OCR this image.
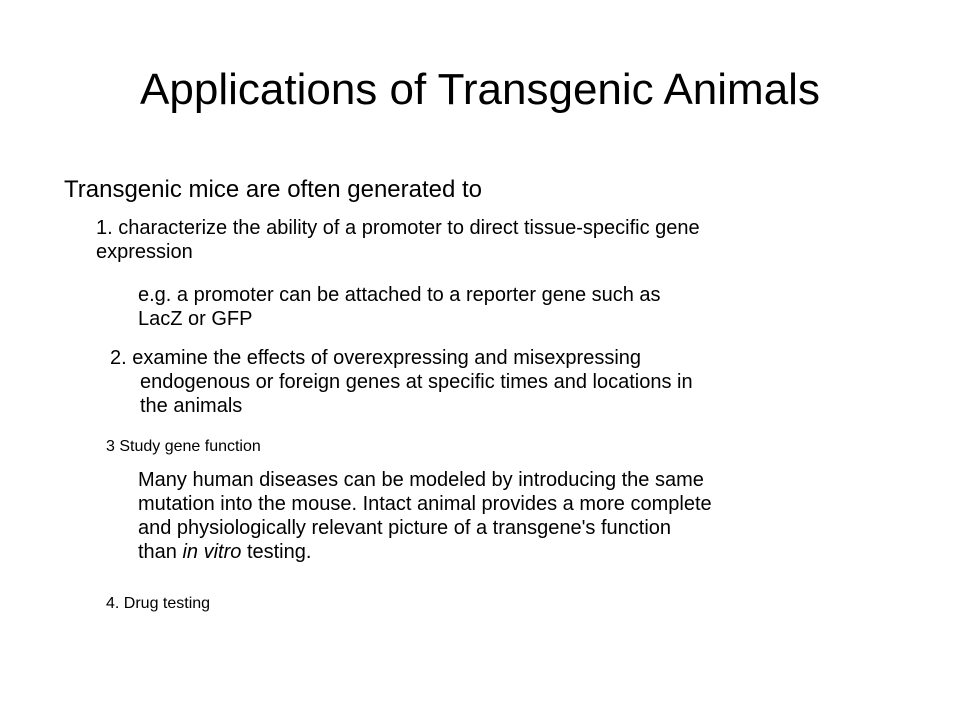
Applications of Transgenic Animals

Transgenic mice are often generated to

1. characterize the ability of a promoter to direct tissue-specific gene
expression
e.g. a promoter can be attached to a reporter gene such as
LacZ or GFP
2. examine the effects of overexpressing and misexpressing
endogenous or foreign genes at specific times and locations in
the animals

3 Study gene function

Many human diseases can be modeled by introducing the same
mutation into the mouse. Intact animal provides a more complete
and physiologically relevant picture of a transgene's function
than in vitro testing.

4. Drug testing
